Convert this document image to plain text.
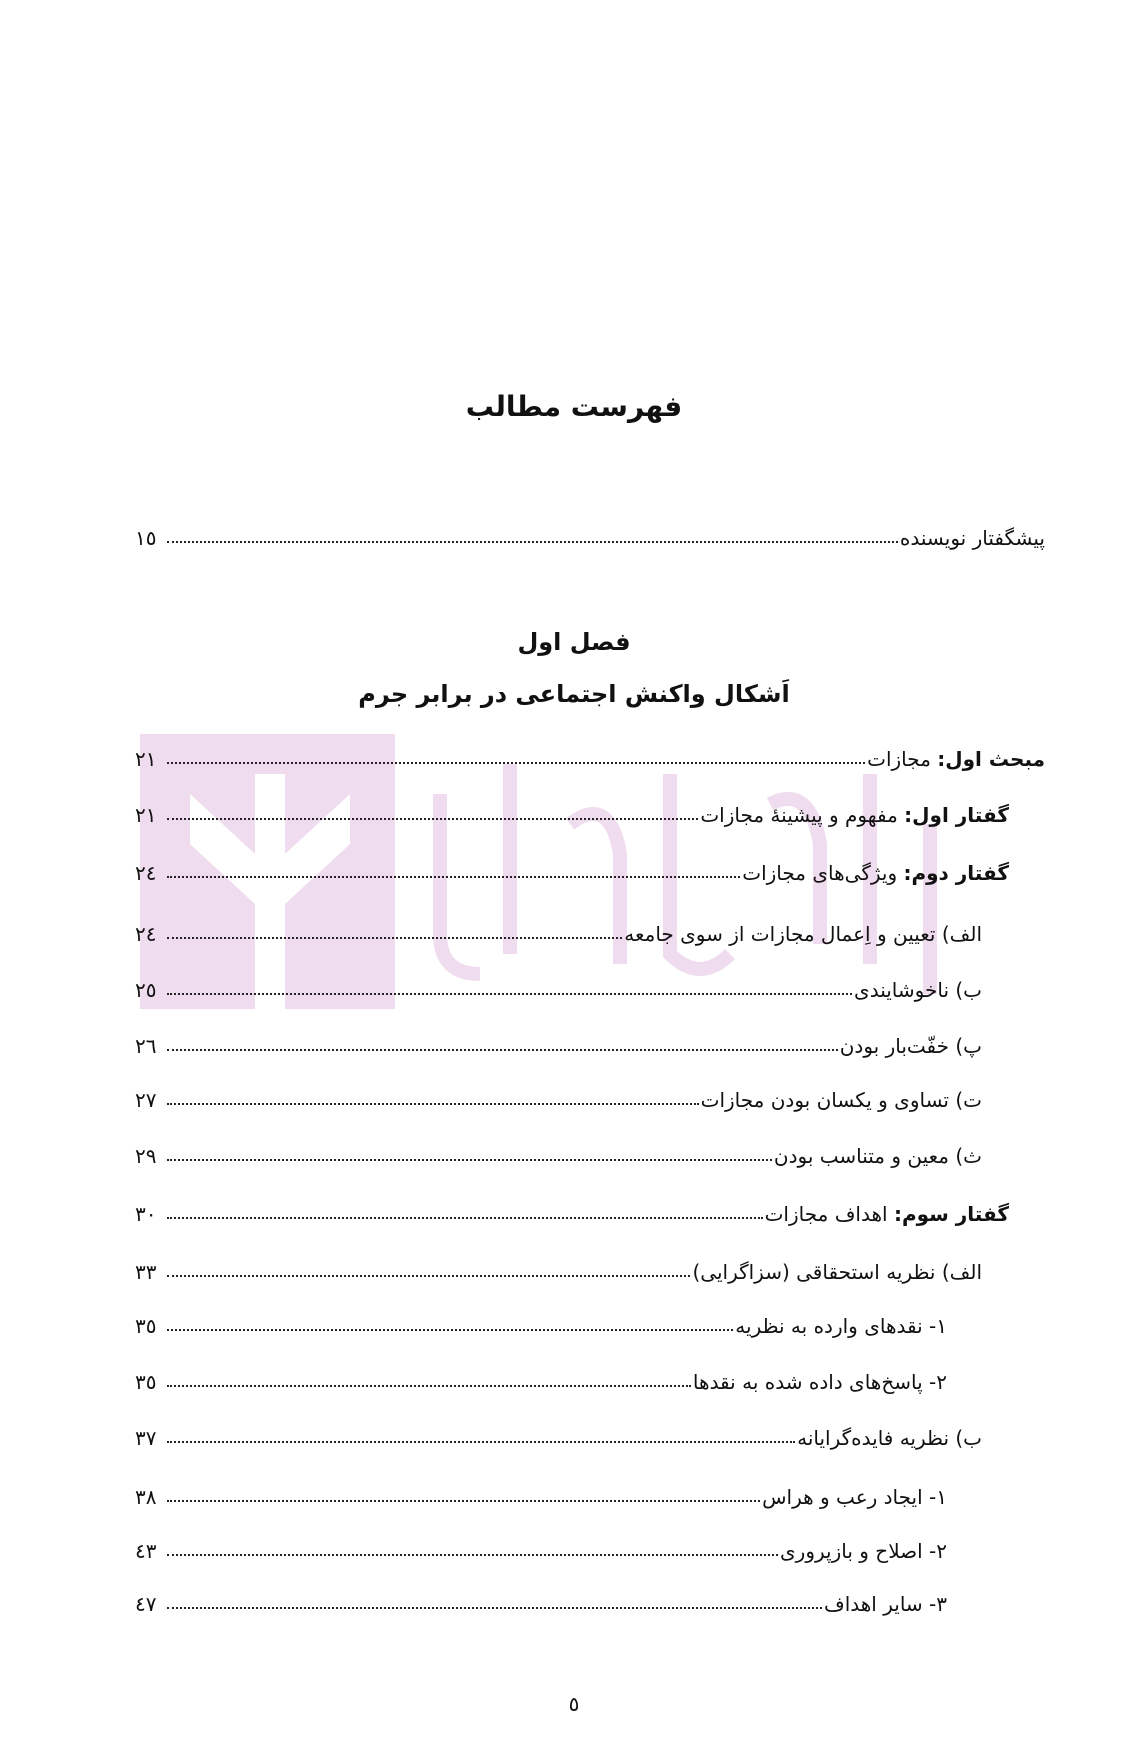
فهرست مطالب
پیشگفتار نویسنده
١٥
فصل اول
اَشکال واکنش اجتماعی در برابر جرم
مبحث اول: مجازات
٢١
گفتار اول: مفهوم و پیشینهٔ مجازات
٢١
گفتار دوم: ویژگی‌های مجازات
٢٤
الف) تعیین و اِعمال مجازات از سوی جامعه
٢٤
ب) ناخوشایندی
٢٥
پ) خفّت‌بار بودن
٢٦
ت) تساوی و یکسان بودن مجازات
٢٧
ث) معین و متناسب بودن
٢٩
گفتار سوم: اهداف مجازات
٣٠
الف) نظریه استحقاقی (سزاگرایی)
٣٣
١- نقدهای وارده به نظریه
٣٥
٢- پاسخ‌های داده شده به نقدها
٣٥
ب) نظریه فایده‌گرایانه
٣٧
١- ایجاد رعب و هراس
٣٨
٢- اصلاح و بازپروری
٤٣
٣- سایر اهداف
٤٧
٥
